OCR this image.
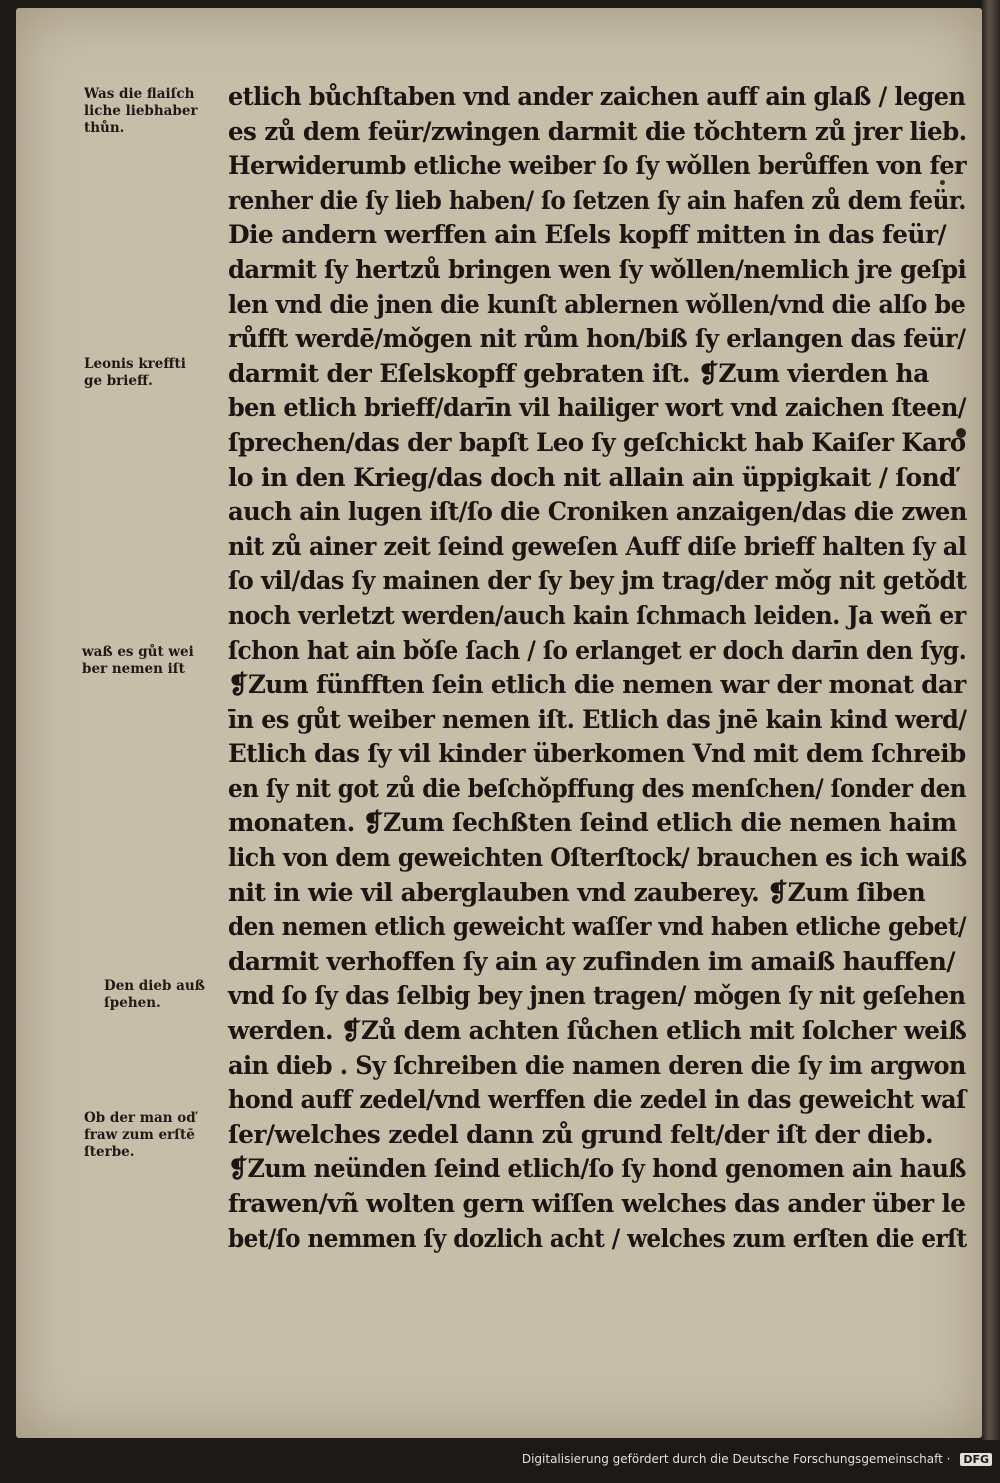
Was die flaiſch
liche liebhaber
thůn.
Leonis kreffti
ge brieff.
waß es gůt wei
ber nemen iſt
Den dieb auß
ſpehen.
Ob der man oď
fraw zum erſtē
ſterbe.
etlich bůchſtaben vnd ander zaichen auff ain glaß / legen
es zů dem feür/zwingen darmit die tǒchtern zů jrer lieb.
Herwiderumb etliche weiber ſo ſy wǒllen berůffen von fer
renher die ſy lieb haben/ ſo ſetzen ſy ain hafen zů dem feür.
Die andern werffen ain Eſels kopff mitten in das feür/
darmit ſy hertzů bringen wen ſy wǒllen/nemlich jre geſpi
len vnd die jnen die kunſt ablernen wǒllen/vnd die alſo be
růfft werdē/mǒgen nit rům hon/biß ſy erlangen das feür/
darmit der Eſelskopff gebraten iſt. ❡Zum vierden ha
ben etlich brieff/darīn vil hailiger wort vnd zaichen ſteen/
ſprechen/das der bapſt Leo ſy geſchickt hab Kaiſer Karo
lo in den Krieg/das doch nit allain ain üppigkait / ſonď
auch ain lugen iſt/ſo die Croniken anzaigen/das die zwen
nit zů ainer zeit ſeind geweſen Auff diſe brieff halten ſy al
ſo vil/das ſy mainen der ſy bey jm trag/der mǒg nit getǒdt
noch verletzt werden/auch kain ſchmach leiden. Ja weñ er
ſchon hat ain bǒſe ſach / ſo erlanget er doch darīn den ſyg.
❡Zum fünfften ſein etlich die nemen war der monat dar
īn es gůt weiber nemen iſt. Etlich das jnē kain kind werd/
Etlich das ſy vil kinder überkomen Vnd mit dem ſchreib
en ſy nit got zů die beſchǒpffung des menſchen/ ſonder den
monaten. ❡Zum ſechßten ſeind etlich die nemen haim
lich von dem geweichten Oſterſtock/ brauchen es ich waiß
nit in wie vil aberglauben vnd zauberey. ❡Zum ſiben
den nemen etlich geweicht waſſer vnd haben etliche gebet/
darmit verhoffen ſy ain ay zufinden im amaiß hauffen/
vnd ſo ſy das ſelbig bey jnen tragen/ mǒgen ſy nit geſehen
werden. ❡Zů dem achten ſůchen etlich mit ſolcher weiß
ain dieb . Sy ſchreiben die namen deren die ſy im argwon
hond auff zedel/vnd werffen die zedel in das geweicht waſ
ſer/welches zedel dann zů grund felt/der iſt der dieb.
❡Zum neünden ſeind etlich/ſo ſy hond genomen ain hauß
frawen/vñ wolten gern wiſſen welches das ander über le
bet/ſo nemmen ſy dozlich acht / welches zum erſten die erſt
Digitalisierung gefördert durch die Deutsche Forschungsgemeinschaft · DFG
